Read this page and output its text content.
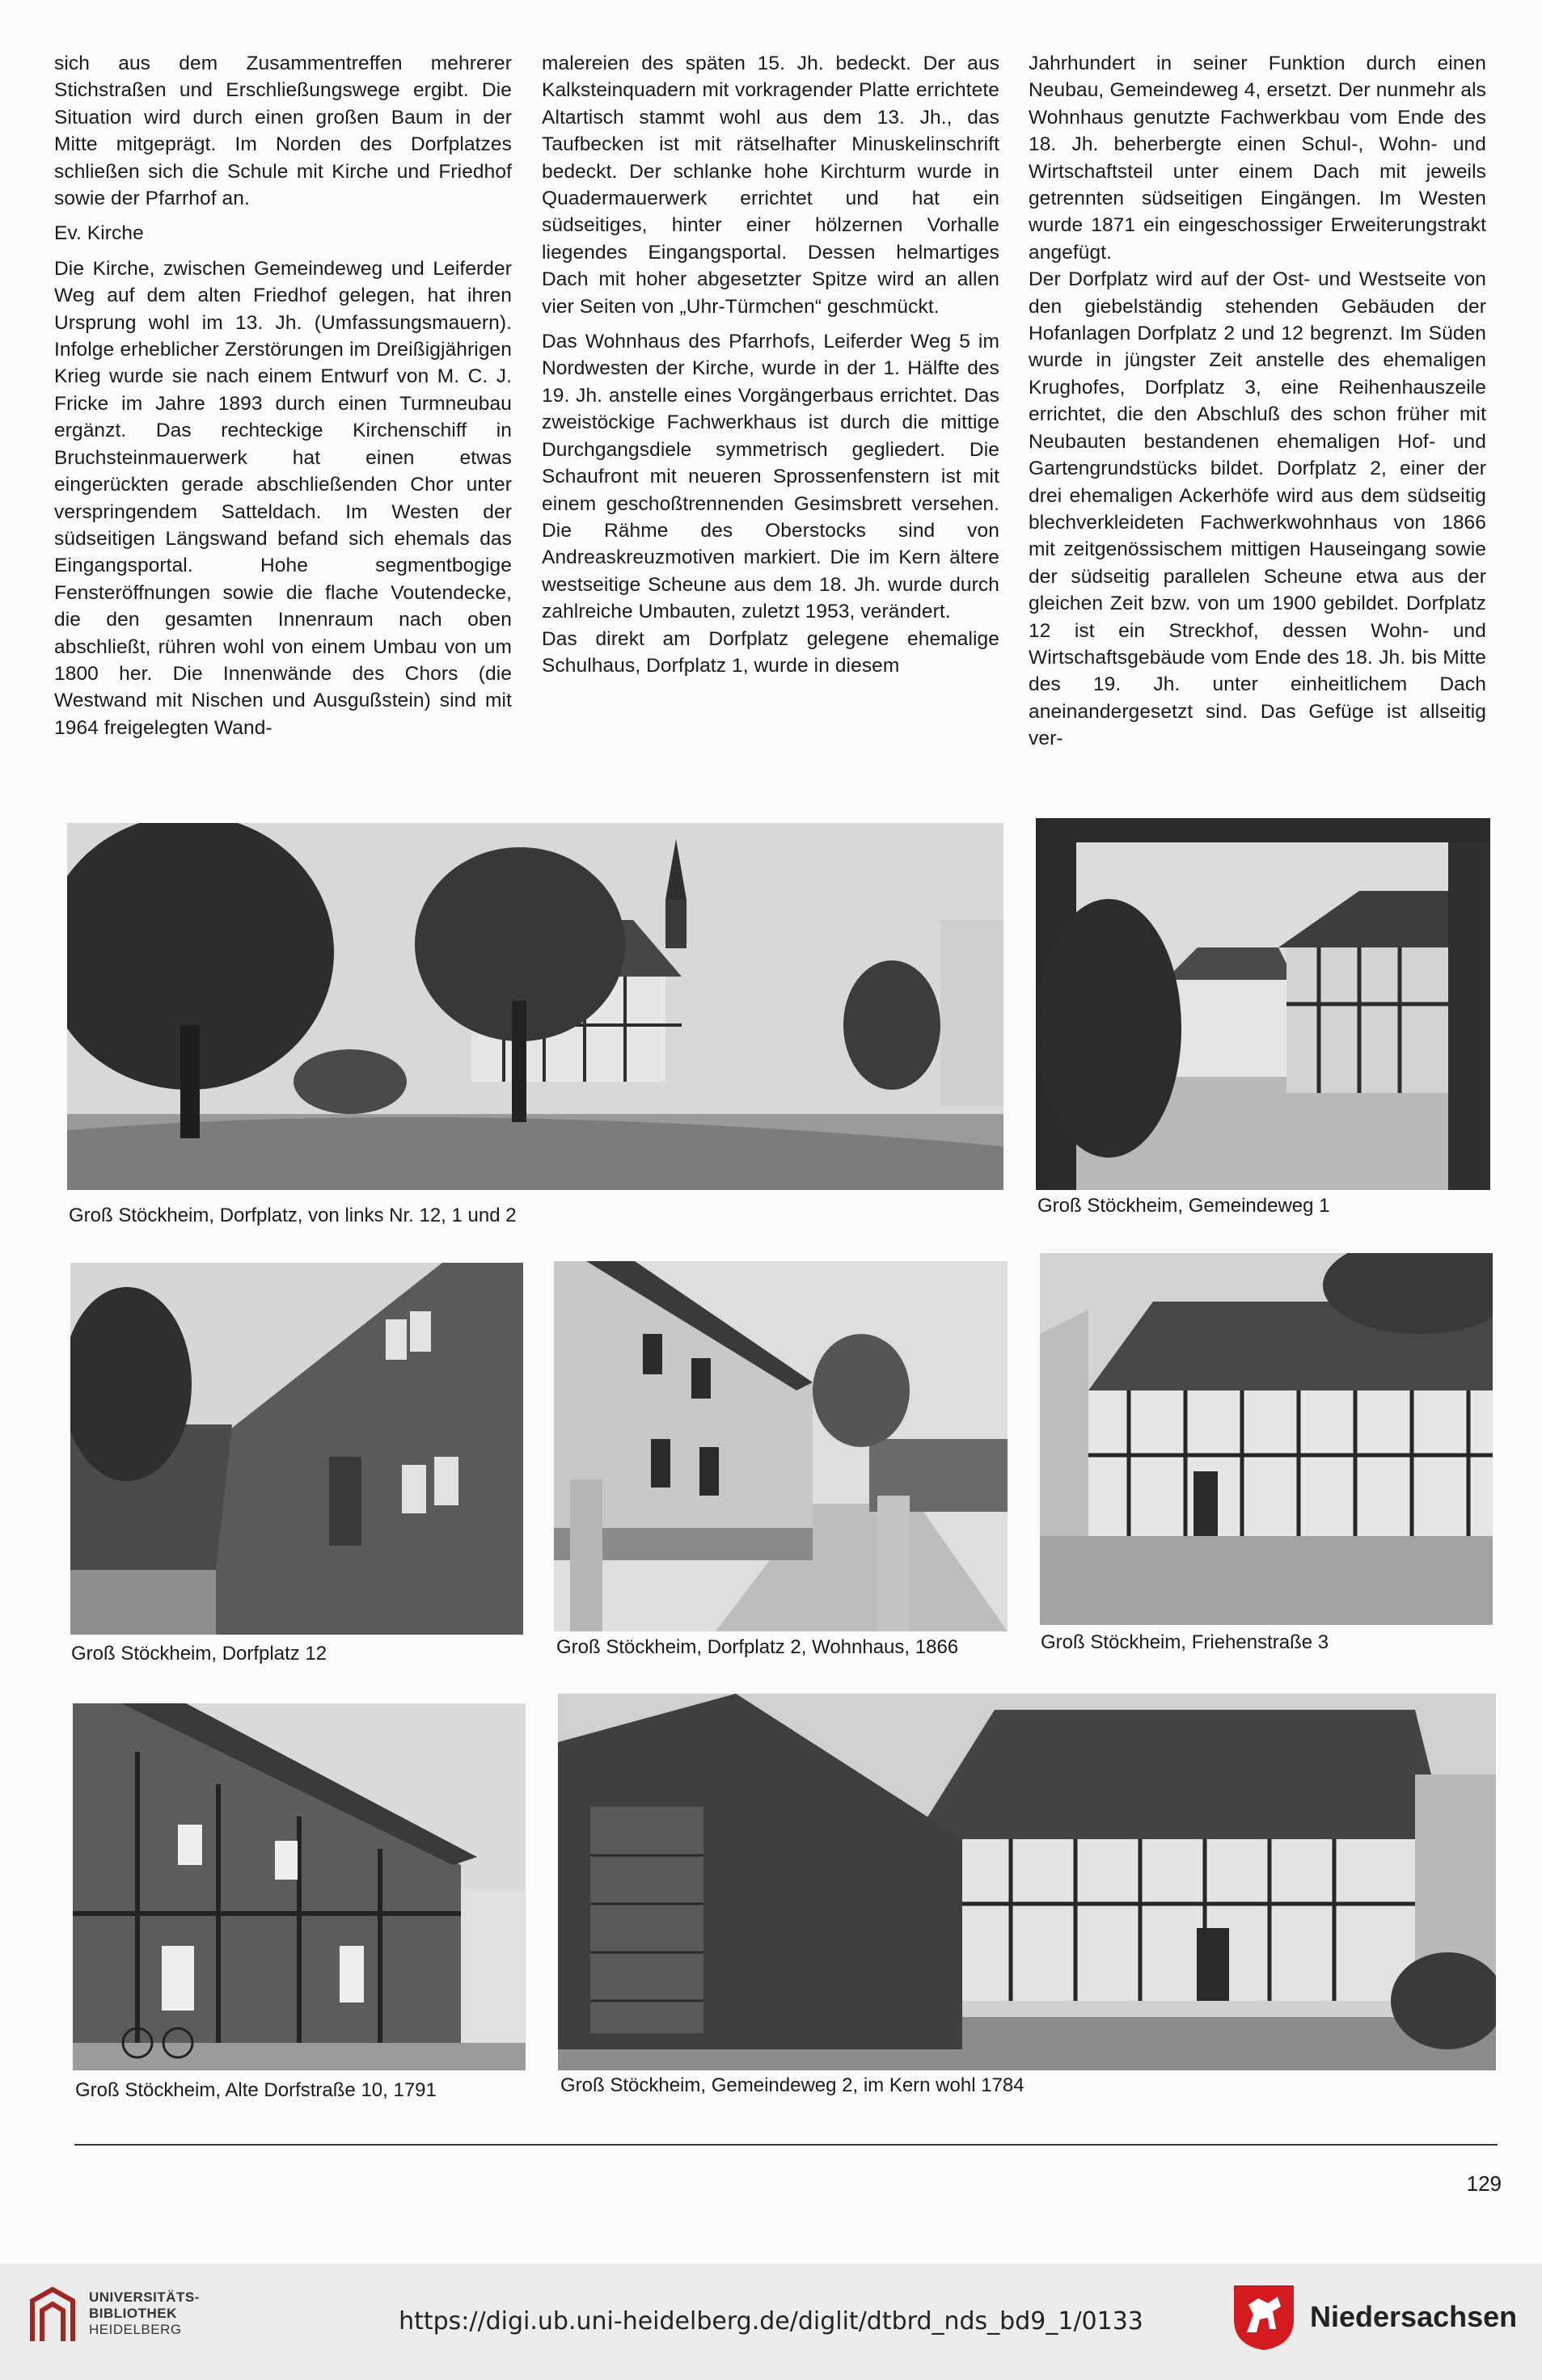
sich aus dem Zusammentreffen mehrerer Stichstraßen und Erschließungswege ergibt. Die Situation wird durch einen großen Baum in der Mitte mitgeprägt. Im Norden des Dorfplatzes schließen sich die Schule mit Kirche und Friedhof sowie der Pfarrhof an.

Ev. Kirche

Die Kirche, zwischen Gemeindeweg und Leiferder Weg auf dem alten Friedhof gelegen, hat ihren Ursprung wohl im 13. Jh. (Umfassungsmauern). Infolge erheblicher Zerstörungen im Dreißigjährigen Krieg wurde sie nach einem Entwurf von M. C. J. Fricke im Jahre 1893 durch einen Turmneubau ergänzt. Das rechteckige Kirchenschiff in Bruchsteinmauerwerk hat einen etwas eingerückten gerade abschließenden Chor unter verspringendem Satteldach. Im Westen der südseitigen Längswand befand sich ehemals das Eingangsportal. Hohe segmentbogige Fensteröffnungen sowie die flache Voutendecke, die den gesamten Innenraum nach oben abschließt, rühren wohl von einem Umbau von um 1800 her. Die Innenwände des Chors (die Westwand mit Nischen und Ausgußstein) sind mit 1964 freigelegten Wand-

malereien des späten 15. Jh. bedeckt. Der aus Kalksteinquadern mit vorkragender Platte errichtete Altartisch stammt wohl aus dem 13. Jh., das Taufbecken ist mit rätselhafter Minuskelinschrift bedeckt. Der schlanke hohe Kirchturm wurde in Quadermauerwerk errichtet und hat ein südseitiges, hinter einer hölzernen Vorhalle liegendes Eingangsportal. Dessen helmartiges Dach mit hoher abgesetzter Spitze wird an allen vier Seiten von „Uhr-Türmchen“ geschmückt.

Das Wohnhaus des Pfarrhofs, Leiferder Weg 5 im Nordwesten der Kirche, wurde in der 1. Hälfte des 19. Jh. anstelle eines Vorgängerbaus errichtet. Das zweistöckige Fachwerkhaus ist durch die mittige Durchgangsdiele symmetrisch gegliedert. Die Schaufront mit neueren Sprossenfenstern ist mit einem geschoßtrennenden Gesimsbrett versehen. Die Rähme des Oberstocks sind von Andreaskreuzmotiven markiert. Die im Kern ältere westseitige Scheune aus dem 18. Jh. wurde durch zahlreiche Umbauten, zuletzt 1953, verändert.

Das direkt am Dorfplatz gelegene ehemalige Schulhaus, Dorfplatz 1, wurde in diesem

Jahrhundert in seiner Funktion durch einen Neubau, Gemeindeweg 4, ersetzt. Der nunmehr als Wohnhaus genutzte Fachwerkbau vom Ende des 18. Jh. beherbergte einen Schul-, Wohn- und Wirtschaftsteil unter einem Dach mit jeweils getrennten südseitigen Eingängen. Im Westen wurde 1871 ein eingeschossiger Erweiterungstrakt angefügt.

Der Dorfplatz wird auf der Ost- und Westseite von den giebelständig stehenden Gebäuden der Hofanlagen Dorfplatz 2 und 12 begrenzt. Im Süden wurde in jüngster Zeit anstelle des ehemaligen Krughofes, Dorfplatz 3, eine Reihenhauszeile errichtet, die den Abschluß des schon früher mit Neubauten bestandenen ehemaligen Hof- und Gartengrundstücks bildet. Dorfplatz 2, einer der drei ehemaligen Ackerhöfe wird aus dem südseitig blechverkleideten Fachwerkwohnhaus von 1866 mit zeitgenössischem mittigen Hauseingang sowie der südseitig parallelen Scheune etwa aus der gleichen Zeit bzw. von um 1900 gebildet. Dorfplatz 12 ist ein Streckhof, dessen Wohn- und Wirtschaftsgebäude vom Ende des 18. Jh. bis Mitte des 19. Jh. unter einheitlichem Dach aneinandergesetzt sind. Das Gefüge ist allseitig ver-

Groß Stöckheim, Dorfplatz, von links Nr. 12, 1 und 2	Groß Stöckheim, Gemeindeweg 1
Groß Stöckheim, Dorfplatz 12	Groß Stöckheim, Dorfplatz 2, Wohnhaus, 1866	Groß Stöckheim, Friehenstraße 3
Groß Stöckheim, Alte Dorfstraße 10, 1791	Groß Stöckheim, Gemeindeweg 2, im Kern wohl 1784
129
UNIVERSITÄTS-
BIBLIOTHEK
HEIDELBERG	https://digi.ub.uni-heidelberg.de/diglit/dtbrd_nds_bd9_1/0133	Niedersachsen
